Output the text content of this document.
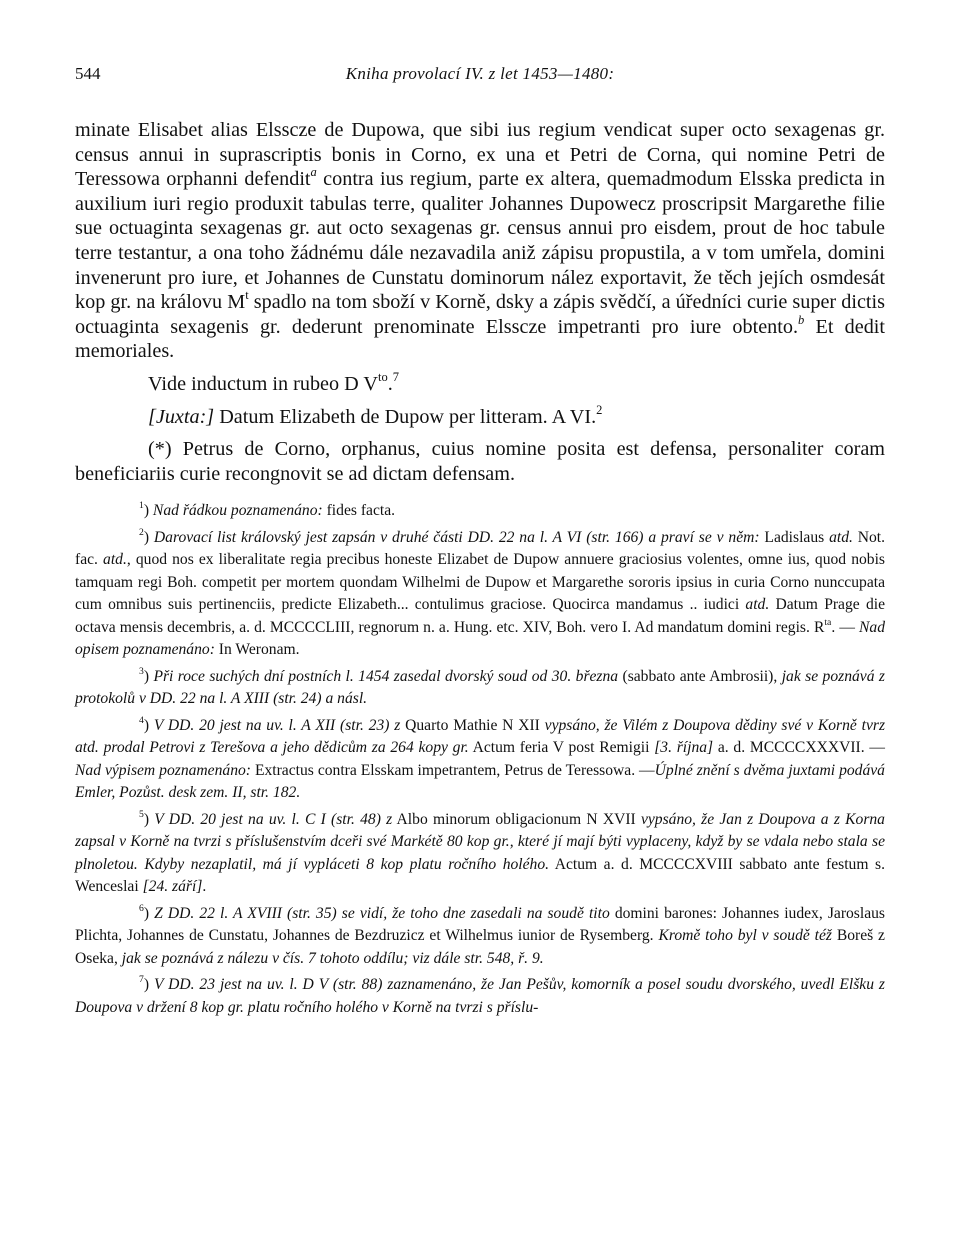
544	Kniha provolací IV. z let 1453—1480:

minate Elisabet alias Elsscze de Dupowa, que sibi ius regium vendicat super octo sexagenas gr. census annui in suprascriptis bonis in Corno, ex una et Petri de Corna, qui nomine Petri de Teressowa orphanni defendit$^a$ contra ius regium, parte ex altera, quemadmodum Elsska predicta in auxilium iuri regio produxit tabulas terre, qualiter Johannes Dupowecz proscripsit Margarethe filie sue octuaginta sexagenas gr. aut octo sexagenas gr. census annui pro eisdem, prout de hoc tabule terre testantur, a ona toho žádnému dále nezavadila aniž zápisu propustila, a v tom umřela, domini invenerunt pro iure, et Johannes de Cunstatu dominorum nález exportavit, že těch jejích osmdesát kop gr. na královu $M^t$ spadlo na tom sboží v Korně, dsky a zápis svědčí, a úředníci curie super dictis octuaginta sexagenis gr. dederunt prenominate Elsscze impetranti pro iure obtento.$^b$ Et dedit memoriales.

Vide inductum in rubeo D $V^{to}.^7$

[Juxta:] Datum Elizabeth de Dupow per litteram. A VI.$^2$

(*) Petrus de Corno, orphanus, cuius nomine posita est defensa, personaliter coram beneficiariis curie recongnovit se ad dictam defensam.

$^1$) Nad řádkou poznamenáno: fides facta.

$^2$) Darovací list královský jest zapsán v druhé části DD. 22 na l. A VI (str. 166) a praví se v něm: Ladislaus atd. Not. fac. atd., quod nos ex liberalitate regia precibus honeste Elizabet de Dupow annuere graciosius volentes, omne ius, quod nobis tamquam regi Boh. competit per mortem quondam Wilhelmi de Dupow et Margarethe sororis ipsius in curia Corno nunccupata cum omnibus suis pertinenciis, predicte Elizabeth... contulimus graciose. Quocirca mandamus .. iudici atd. Datum Prage die octava mensis decembris, a. d. MCCCCLIII, regnorum n. a. Hung. etc. XIV, Boh. vero I. Ad mandatum domini regis. $R^{ta}$. — Nad opisem poznamenáno: In Weronam.

$^3$) Při roce suchých dní postních l. 1454 zasedal dvorský soud od 30. března (sabbato ante Ambrosii), jak se poznává z protokolů v DD. 22 na l. A XIII (str. 24) a násl.

$^4$) V DD. 20 jest na uv. l. A XII (str. 23) z Quarto Mathie N XII vypsáno, že Vilém z Doupova dědiny své v Korně tvrz atd. prodal Petrovi z Terešova a jeho dědicům za 264 kopy gr. Actum feria V post Remigii [3. října] a. d. MCCCCXXXVII. — Nad výpisem poznamenáno: Extractus contra Elsskam impetrantem, Petrus de Teressowa. —Úplné znění s dvěma juxtami podává Emler, Pozůst. desk zem. II, str. 182.

$^5$) V DD. 20 jest na uv. l. C I (str. 48) z Albo minorum obligacionum N XVII vypsáno, že Jan z Doupova a z Korna zapsal v Korně na tvrzi s příslušenstvím dceři své Markétě 80 kop gr., které jí mají býti vyplaceny, když by se vdala nebo stala se plnoletou. Kdyby nezaplatil, má jí vypláceti 8 kop platu ročního holého. Actum a. d. MCCCCXVIII sabbato ante festum s. Wenceslai [24. září].

$^6$) Z DD. 22 l. A XVIII (str. 35) se vidí, že toho dne zasedali na soudě tito domini barones: Johannes iudex, Jaroslaus Plichta, Johannes de Cunstatu, Johannes de Bezdruzicz et Wilhelmus iunior de Rysemberg. Kromě toho byl v soudě též Boreš z Oseka, jak se poznává z nálezu v čís. 7 tohoto oddílu; viz dále str. 548, ř. 9.

$^7$) V DD. 23 jest na uv. l. D V (str. 88) zaznamenáno, že Jan Pešův, komorník a posel soudu dvorského, uvedl Elšku z Doupova v držení 8 kop gr. platu ročního holého v Korně na tvrzi s příslu-
